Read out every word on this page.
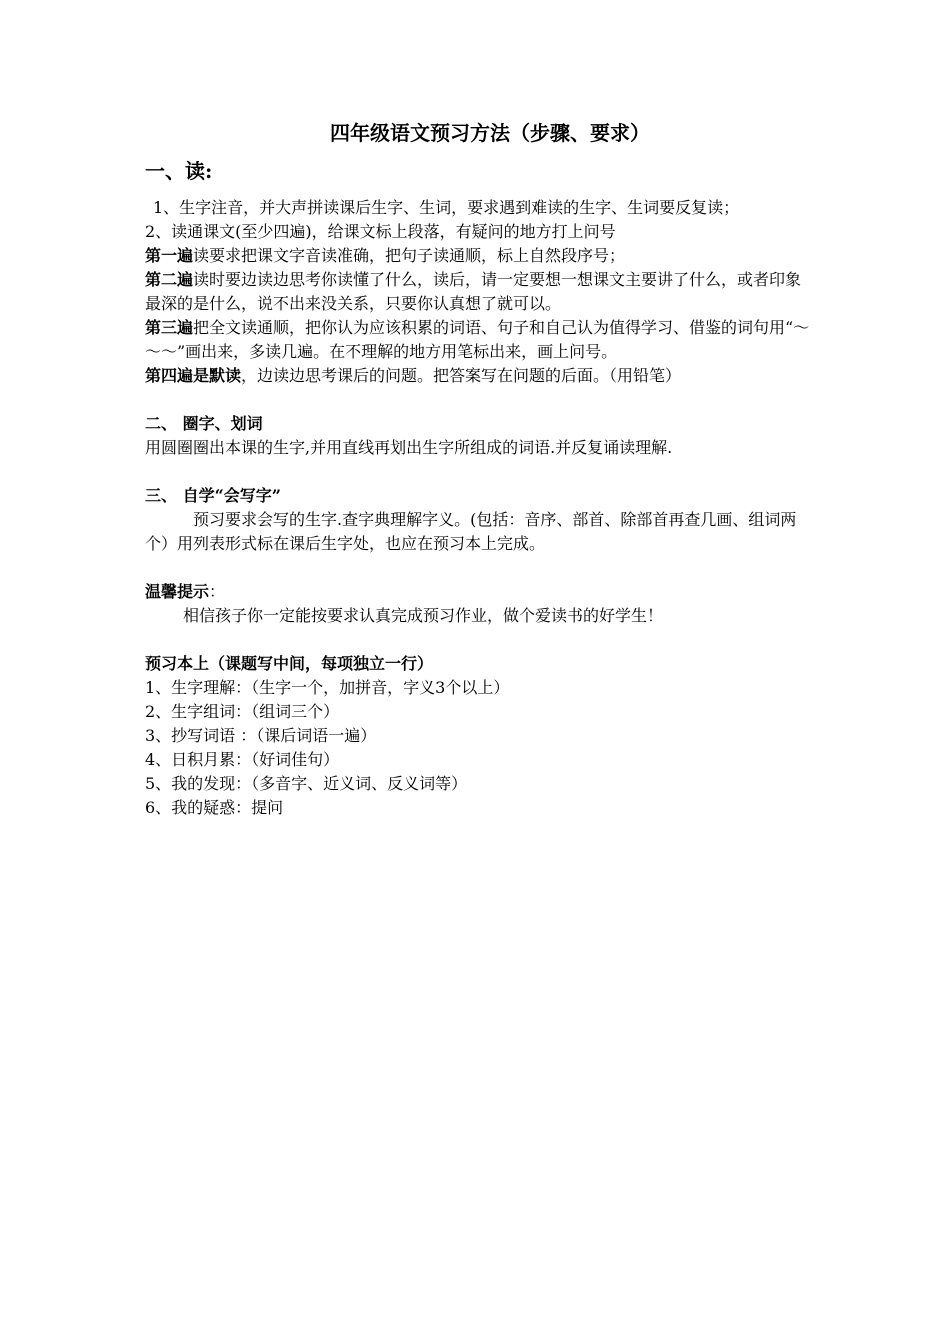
四年级语文预习方法（步骤、要求）
一、读:

1、生字注音，并大声拼读课后生字、生词，要求遇到难读的生字、生词要反复读；

2、读通课文(至少四遍)，给课文标上段落，有疑问的地方打上问号

第一遍读要求把课文字音读准确，把句子读通顺，标上自然段序号；

第二遍读时要边读边思考你读懂了什么，读后，请一定要想一想课文主要讲了什么，或者印象最深的是什么，说不出来没关系，只要你认真想了就可以。

第三遍把全文读通顺，把你认为应该积累的词语、句子和自己认为值得学习、借鉴的词句用“～～～”画出来，多读几遍。在不理解的地方用笔标出来，画上问号。

第四遍是默读，边读边思考课后的问题。把答案写在问题的后面。（用铅笔）

二、 圈字、划词

用圆圈圈出本课的生字,并用直线再划出生字所组成的词语.并反复诵读理解.

三、 自学“会写字”

预习要求会写的生字.查字典理解字义。(包括：音序、部首、除部首再查几画、组词两个）用列表形式标在课后生字处，也应在预习本上完成。

温馨提示：

相信孩子你一定能按要求认真完成预习作业，做个爱读书的好学生！

预习本上（课题写中间，每项独立一行）

1、生字理解：（生字一个，加拼音，字义3个以上）

2、生字组词：（组词三个）

3、抄写词语 ：（课后词语一遍）

4、日积月累：（好词佳句）

5、我的发现：（多音字、近义词、反义词等）

6、我的疑惑：提问
